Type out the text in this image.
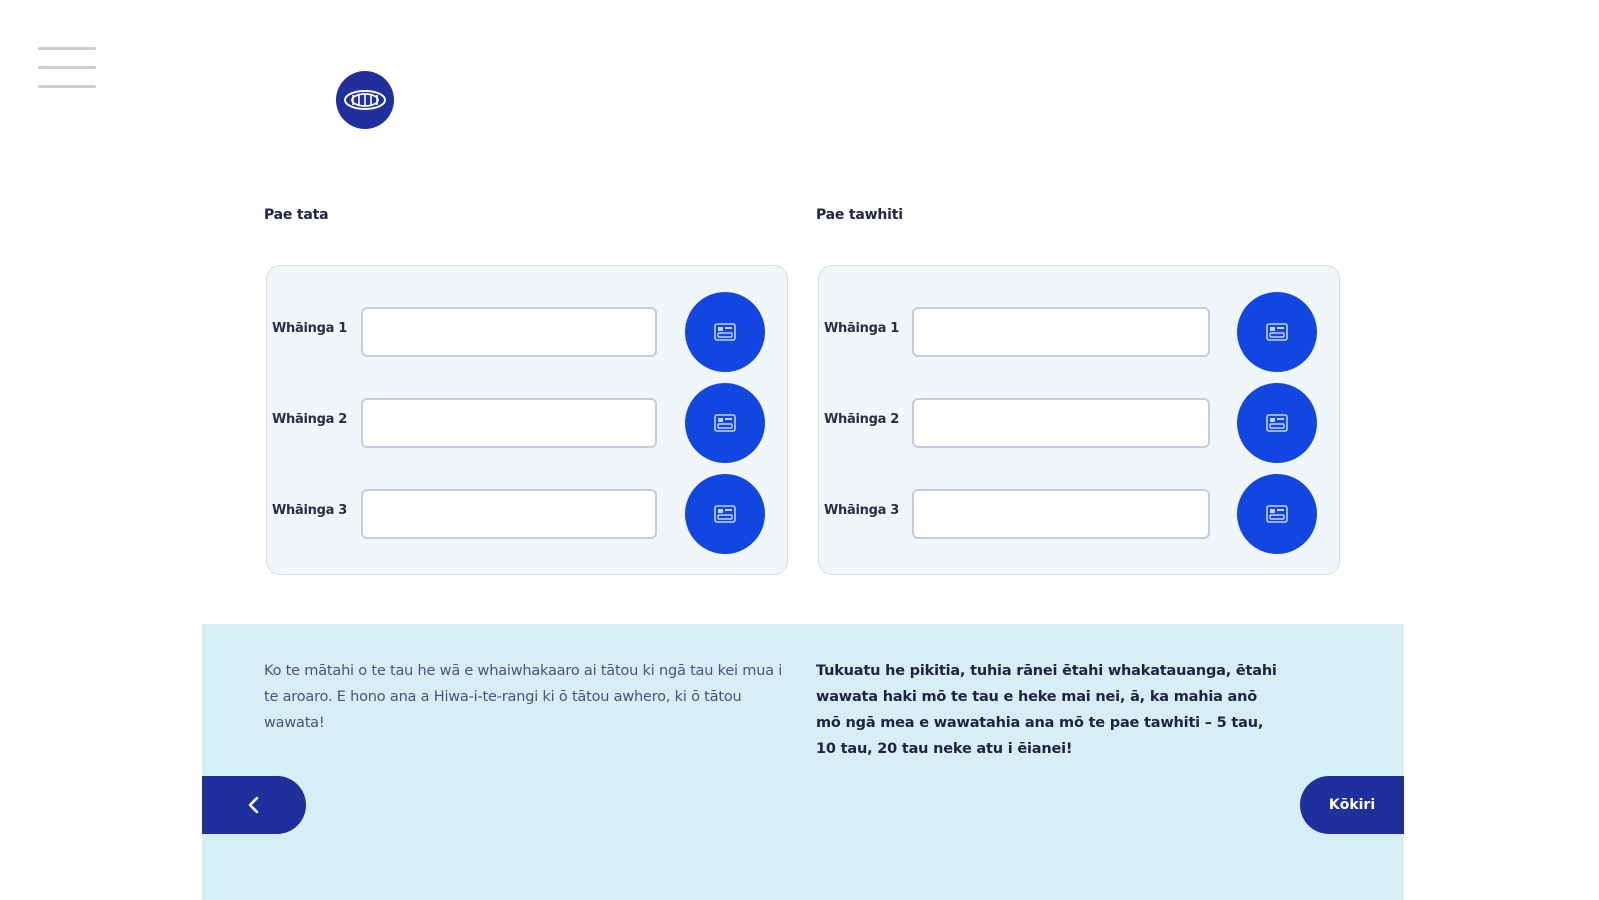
Pae tata	Pae tawhiti
Whāinga 1
Whāinga 2
Whāinga 3
Whāinga 1
Whāinga 2
Whāinga 3

Ko te mātahi o te tau he wā e whaiwhakaaro ai tātou ki ngā tau kei mua i te aroaro. E hono ana a Hiwa-i-te-rangi ki ō tātou awhero, ki ō tātou wawata!

Tukuatu he pikitia, tuhia rānei ētahi whakatauanga, ētahi wawata haki mō te tau e heke mai nei, ā, ka mahia anō mō ngā mea e wawatahia ana mō te pae tawhiti – 5 tau, 10 tau, 20 tau neke atu i ēianei!

Kōkiri
